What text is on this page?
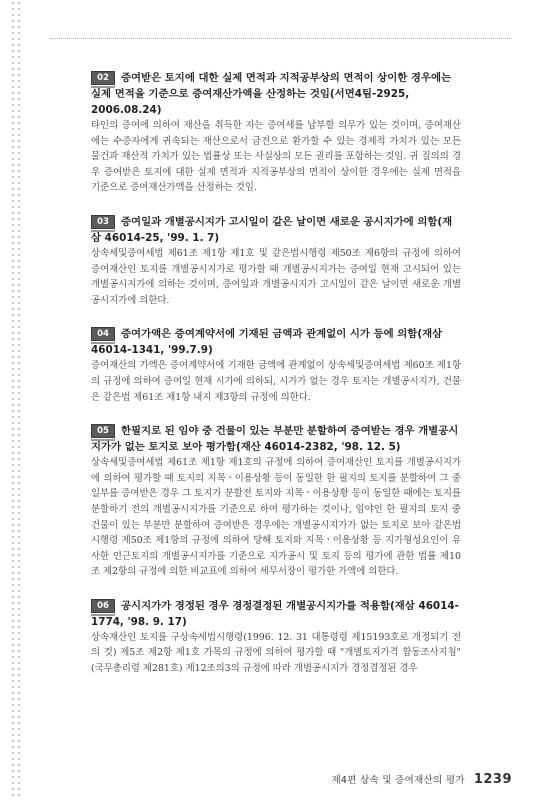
02 증여받은 토지에 대한 실제 면적과 지적공부상의 면적이 상이한 경우에는 실제 면적을 기준으로 증여재산가액을 산정하는 것임(서면4팀-2925, 2006.08.24)

타인의 증여에 의하여 재산을 취득한 자는 증여세를 납부할 의무가 있는 것이며, 증여재산에는 수증자에게 귀속되는 재산으로서 금전으로 환가할 수 있는 경제적 가치가 있는 모든 물건과 재산적 가치가 있는 법률상 또는 사실상의 모든 권리를 포함하는 것임. 귀 질의의 경우 증여받은 토지에 대한 실제 면적과 지적공부상의 면적이 상이한 경우에는 실제 면적을 기준으로 증여재산가액을 산정하는 것임.

03 증여일과 개별공시지가 고시일이 같은 날이면 새로운 공시지가에 의함(재삼 46014-25, '99. 1. 7)

상속세및증여세법 제61조 제1항 제1호 및 같은법시행령 제50조 제6항의 규정에 의하여 증여재산인 토지를 개별공시지가로 평가할 때 개별공시지가는 증여일 현재 고시되어 있는 개별공시지가에 의하는 것이며, 증여일과 개별공시지가 고시일이 같은 날이면 새로운 개별공시지가에 의한다.

04 증여가액은 증여계약서에 기재된 금액과 관계없이 시가 등에 의함(재삼 46014-1341, '99.7.9)

증여재산의 가액은 증여계약서에 기재한 금액에 관계없이 상속세및증여세법 제60조 제1항의 규정에 의하여 증여일 현재 시가에 의하되, 시가가 없는 경우 토지는 개별공시지가, 건물은 같은법 제61조 제1항 내지 제3항의 규정에 의한다.

05 한필지로 된 임야 중 건물이 있는 부분만 분할하여 증여받는 경우 개별공시지가가 없는 토지로 보아 평가함(재산 46014-2382, '98. 12. 5)

상속세및증여세법 제61조 제1항 제1호의 규정에 의하여 증여재산인 토지를 개별공시지가에 의하여 평가할 때 토지의 지목ㆍ이용상황 등이 동일한 한 필지의 토지를 분할하여 그 중 일부를 증여받은 경우 그 토지가 분할전 토지와 지목ㆍ이용상황 등이 동일한 때에는 토지를 분할하기 전의 개별공시지가를 기준으로 하여 평가하는 것이나, 임야인 한 필지의 토지 중 건물이 있는 부분만 분할하여 증여받은 경우에는 개별공시지가가 없는 토지로 보아 같은법시행령 제50조 제1항의 규정에 의하여 당해 토지와 지목ㆍ이용상황 등 지가형성요인이 유사한 인근토지의 개별공시지가를 기준으로 지가공시 및 토지 등의 평가에 관한 법률 제10조 제2항의 규정에 의한 비교표에 의하여 세무서장이 평가한 가액에 의한다.

06 공시지가가 경정된 경우 경정결정된 개별공시지가를 적용함(재삼 46014-1774, '98. 9. 17)

상속재산인 토지를 구상속세법시행령(1996. 12. 31 대통령령 제15193호로 개정되기 전의 것) 제5조 제2항 제1호 가목의 규정에 의하여 평가할 때 "개별토지가격 합동조사지침"(국무총리령 제281호) 제12조의3의 규정에 따라 개별공시지가 경정결정된 경우

제4편 상속 및 증여재산의 평가 1239
